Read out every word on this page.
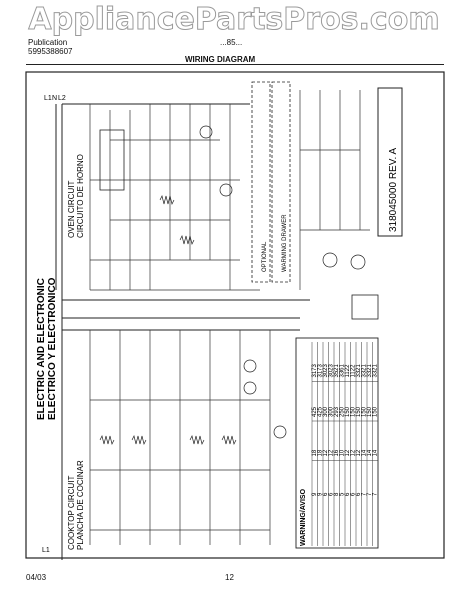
AppliancePartsPros.com
Publication
5995388607
...85...
WIRING DIAGRAM
ELECTRIC AND ELECTRONIC ELECTRICO Y ELECTRONICO
OVEN CIRCUIT CIRCUITO DE HORNO
COOKTOP CIRCUIT PLANCHA DE COCINAR
318045000 REV. A
L1 N L2
OPTIONAL WARMING DRAWER
WARNING/AVISO 9
18
425
3173
9
18
425
3173
6
12
300
3023
6
12
300
3023
8
16
293
3521
5
10
250
3361
6
12
150
1122
6
12
150
1122
6
12
150
3321
7
14
150
3321
7
14
150
3321
7
14
150
3321
L1
04/03	12
